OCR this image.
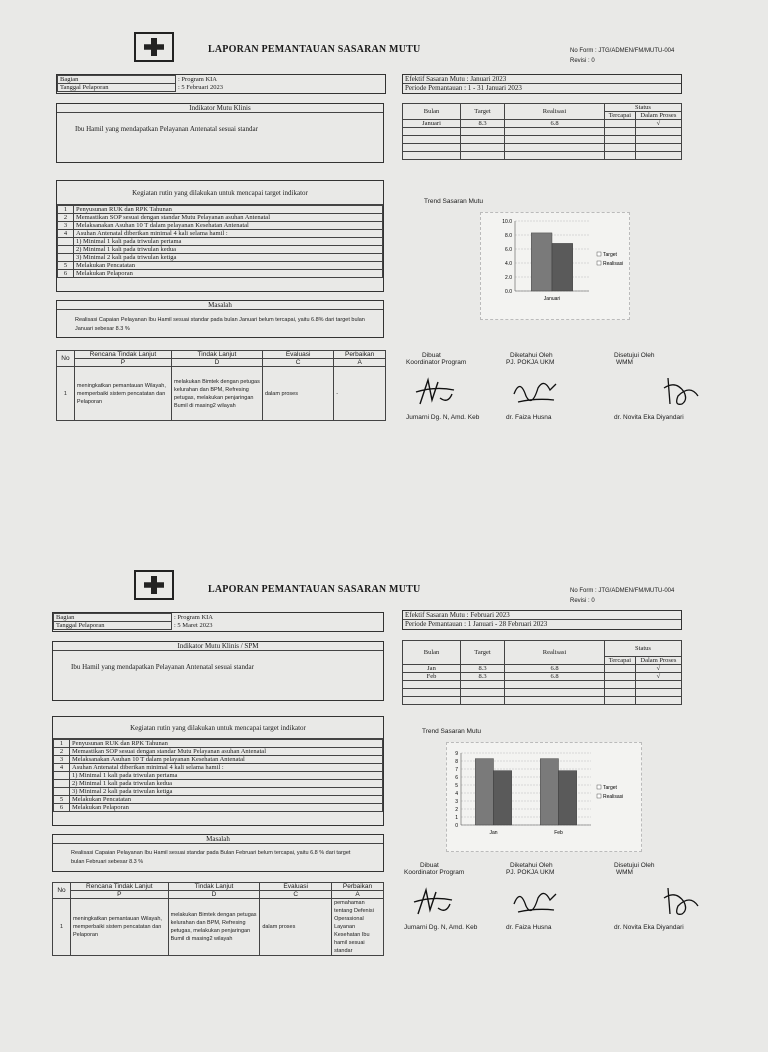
LAPORAN PEMANTAUAN SASARAN MUTU	No Form : JTG/ADMEN/FM/MUTU-004
Revisi : 0
Bagian	: Program KIA
Tanggal Pelaporan	: 5 Februari 2023
Efektif Sasaran Mutu : Januari 2023
Periode Pemantauan : 1 - 31 Januari 2023
Indikator Mutu Klinis
Ibu Hamil yang mendapatkan Pelayanan Antenatal sesuai standar
Bulan	Target	Realisasi	Status	
			Tercapai	Dalam Proses
Januari	8.3	6.8		√

Kegiatan rutin yang dilakukan untuk mencapai target indikator
1	Penyusunan RUK dan RPK Tahunan
2	Memastikan SOP sesuai dengan standar Mutu Pelayanan asuhan Antenatal
3	Melaksanakan Asuhan 10 T dalam pelayanan Kesehatan Antenatal
4	Asuhan Antenatal diberikan minimal 4 kali selama hamil :
	1) Minimal 1 kali pada triwulan pertama
	2) Minimal 1 kali pada triwulan kedua
	3) Minimal 2 kali pada triwulan ketiga
5	Melakukan Pencatatan
6	Melakukan Pelaporan
Masalah
Realisasi Capaian Pelayanan Ibu Hamil sesuai standar pada bulan Januari belum tercapai, yaitu 6.8% dari target bulan Januari sebesar 8.3 %
Trend Sasaran Mutu
0.0
2.0
4.0
6.0
8.0
10.0
Januari
Target
Realisasi
No	Rencana Tindak Lanjut	Tindak Lanjut	Evaluasi	Perbaikan
	P	D	C	A
1	meningkatkan pemantauan Wilayah, memperbaiki sistem pencatatan dan Pelaporan	melakukan Bimtek dengan petugas kelurahan dan BPM, Refresing petugas, melakukan penjaringan Bumil di masing2 wilayah	dalam proses	-
Dibuat
Koordinator Program
Jumarni Dg. N, Amd. Keb
Diketahui Oleh
PJ. POKJA UKM
dr. Faiza Husna
Disetujui Oleh
WMM
dr. Novita Eka Diyandari
LAPORAN PEMANTAUAN SASARAN MUTU	No Form : JTG/ADMEN/FM/MUTU-004
Revisi : 0
Bagian	: Program KIA
Tanggal Pelaporan	: 5 Maret 2023
Efektif Sasaran Mutu : Februari 2023
Periode Pemantauan : 1 Januari - 28 Februari 2023
Indikator Mutu Klinis / SPM
Ibu Hamil yang mendapatkan Pelayanan Antenatal sesuai standar
Bulan	Target	Realisasi	Status	
			Tercapai	Dalam Proses
Jan	8.3	6.8		√
Feb	8.3	6.8		√

Kegiatan rutin yang dilakukan untuk mencapai target indikator
1	Penyusunan RUK dan RPK Tahunan
2	Memastikan SOP sesuai dengan standar Mutu Pelayanan asuhan Antenatal
3	Melaksanakan Asuhan 10 T dalam pelayanan Kesehatan Antenatal
4	Asuhan Antenatal diberikan minimal 4 kali selama hamil :
	1) Minimal 1 kali pada triwulan pertama
	2) Minimal 1 kali pada triwulan kedua
	3) Minimal 2 kali pada triwulan ketiga
5	Melakukan Pencatatan
6	Melakukan Pelaporan
Masalah
Realisasi Capaian Pelayanan Ibu Hamil sesuai standar pada Bulan Februari belum tercapai, yaitu 6.8 % dari target bulan Februari sebesar 8.3 %
Trend Sasaran Mutu
0
1
2
3
4
5
6
7
8
9
Jan	Feb
Target
Realisasi
No	Rencana Tindak Lanjut	Tindak Lanjut	Evaluasi	Perbaikan
	P	D	C	A
1	meningkatkan pemantauan Wilayah, memperbaiki sistem pencatatan dan Pelaporan	melakukan Bimtek dengan petugas kelurahan dan BPM, Refresing petugas, melakukan penjaringan Bumil di masing2 wilayah	dalam proses	pemahaman tentang Defenisi Operasional Layanan Kesehatan Ibu hamil sesuai standar
Dibuat
Koordinator Program
Jumarni Dg. N, Amd. Keb
Diketahui Oleh
PJ. POKJA UKM
dr. Faiza Husna
Disetujui Oleh
WMM
dr. Novita Eka Diyandari
